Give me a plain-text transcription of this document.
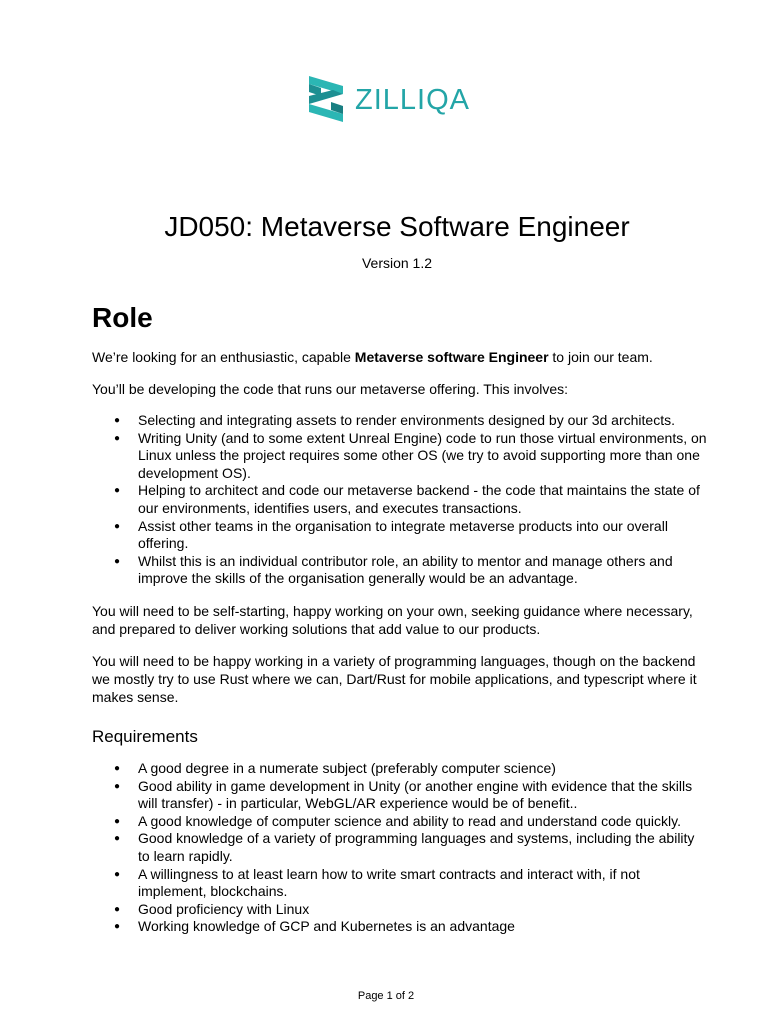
ZILLIQA
JD050: Metaverse Software Engineer
Version 1.2
Role

We’re looking for an enthusiastic, capable Metaverse software Engineer to join our team.

You’ll be developing the code that runs our metaverse offering. This involves:

● Selecting and integrating assets to render environments designed by our 3d architects.
● Writing Unity (and to some extent Unreal Engine) code to run those virtual environments, on Linux unless the project requires some other OS (we try to avoid supporting more than one development OS).
● Helping to architect and code our metaverse backend - the code that maintains the state of our environments, identifies users, and executes transactions.
● Assist other teams in the organisation to integrate metaverse products into our overall offering.
● Whilst this is an individual contributor role, an ability to mentor and manage others and improve the skills of the organisation generally would be an advantage.

You will need to be self-starting, happy working on your own, seeking guidance where necessary, and prepared to deliver working solutions that add value to our products.

You will need to be happy working in a variety of programming languages, though on the backend we mostly try to use Rust where we can, Dart/Rust for mobile applications, and typescript where it makes sense.

Requirements
● A good degree in a numerate subject (preferably computer science)
● Good ability in game development in Unity (or another engine with evidence that the skills will transfer) - in particular, WebGL/AR experience would be of benefit..
● A good knowledge of computer science and ability to read and understand code quickly.
● Good knowledge of a variety of programming languages and systems, including the ability to learn rapidly.
● A willingness to at least learn how to write smart contracts and interact with, if not implement, blockchains.
● Good proficiency with Linux
● Working knowledge of GCP and Kubernetes is an advantage
Page 1 of 2
